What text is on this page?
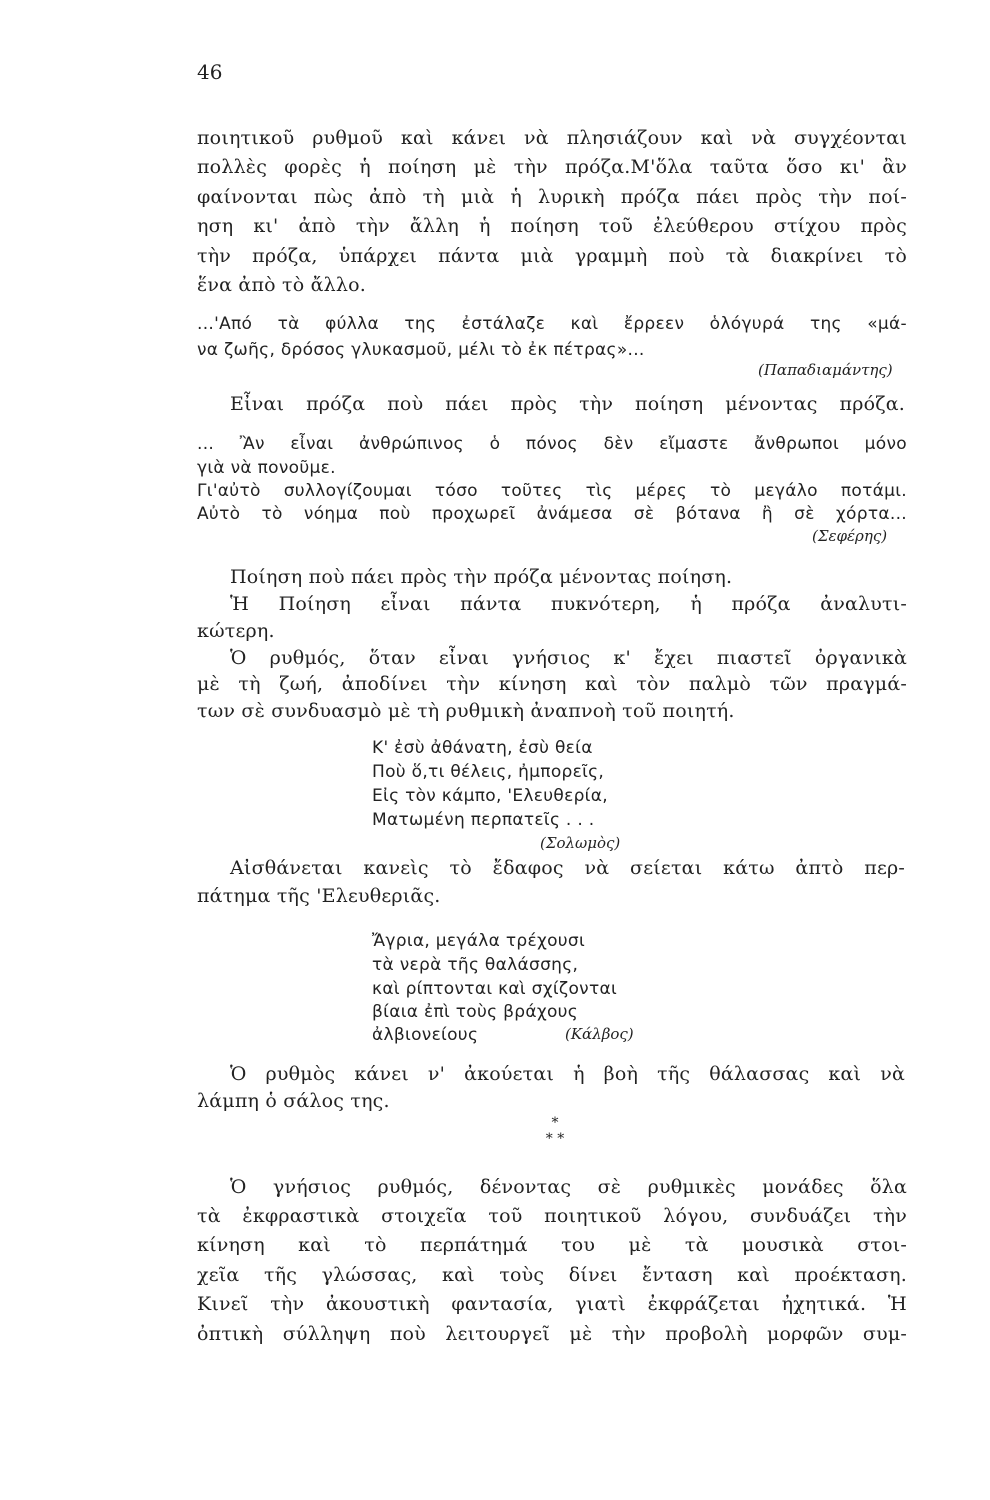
46
ποιητικοῦ ρυθμοῦ καὶ κάνει νὰ πλησιάζουν καὶ νὰ συγχέονται
πολλὲς φορὲς ἡ ποίηση μὲ τὴν πρόζα.Μ'ὅλα ταῦτα ὅσο κι' ἂν
φαίνονται πὼς ἀπὸ τὴ μιὰ ἡ λυρικὴ πρόζα πάει πρὸς τὴν ποί-
ηση κι' ἀπὸ τὴν ἄλλη ἡ ποίηση τοῦ ἐλεύθερου στίχου πρὸς
τὴν πρόζα, ὑπάρχει πάντα μιὰ γραμμὴ ποὺ τὰ διακρίνει τὸ
ἕνα ἀπὸ τὸ ἄλλο.
...'Από τὰ φύλλα της ἐστάλαζε καὶ ἔρρεεν ὁλόγυρά της «μά-
να ζωῆς, δρόσος γλυκασμοῦ, μέλι τὸ ἐκ πέτρας»...
(Παπαδιαμάντης)
Εἶναι πρόζα ποὺ πάει πρὸς τὴν ποίηση μένοντας πρόζα.
... Ἂν εἶναι ἀνθρώπινος ὁ πόνος δὲν εἴμαστε ἄνθρωποι μόνο
γιὰ νὰ πονοῦμε.
Γι'αὐτὸ συλλογίζουμαι τόσο τοῦτες τὶς μέρες τὸ μεγάλο ποτάμι.
Αὐτὸ τὸ νόημα ποὺ προχωρεῖ ἀνάμεσα σὲ βότανα ἢ σὲ χόρτα...
(Σεφέρης)
Ποίηση ποὺ πάει πρὸς τὴν πρόζα μένοντας ποίηση.
Ἡ Ποίηση εἶναι πάντα πυκνότερη, ἡ πρόζα ἀναλυτι-
κώτερη.
Ὁ ρυθμός, ὅταν εἶναι γνήσιος κ' ἔχει πιαστεῖ ὀργανικὰ
μὲ τὴ ζωή, ἀποδίνει τὴν κίνηση καὶ τὸν παλμὸ τῶν πραγμά-
των σὲ συνδυασμὸ μὲ τὴ ρυθμικὴ ἀναπνοὴ τοῦ ποιητή.
Κ' ἐσὺ ἀθάνατη, ἐσὺ θεία
Ποὺ ὅ,τι θέλεις, ἠμπορεῖς,
Εἰς τὸν κάμπο, 'Ελευθερία,
Ματωμένη περπατεῖς . . .
(Σολωμὸς)
Αἰσθάνεται κανεὶς τὸ ἔδαφος νὰ σείεται κάτω ἀπτὸ περ-
πάτημα τῆς 'Ελευθεριᾶς.
Ἄγρια, μεγάλα τρέχουσι
τὰ νερὰ τῆς θαλάσσης,
καὶ ρίπτονται καὶ σχίζονται
βίαια ἐπὶ τοὺς βράχους
ἀλβιονείους	(Κάλβος)
Ὁ ρυθμὸς κάνει ν' ἀκούεται ἡ βοὴ τῆς θάλασσας καὶ νὰ
λάμπη ὁ σάλος της.
*
* *
Ὁ γνήσιος ρυθμός, δένοντας σὲ ρυθμικὲς μονάδες ὅλα
τὰ ἐκφραστικὰ στοιχεῖα τοῦ ποιητικοῦ λόγου, συνδυάζει τὴν
κίνηση καὶ τὸ περπάτημά του μὲ τὰ μουσικὰ στοι-
χεῖα τῆς γλώσσας, καὶ τοὺς δίνει ἔνταση καὶ προέκταση.
Κινεῖ τὴν ἀκουστικὴ φαντασία, γιατὶ ἐκφράζεται ἠχητικά. Ἡ
ὀπτικὴ σύλληψη ποὺ λειτουργεῖ μὲ τὴν προβολὴ μορφῶν συμ-
